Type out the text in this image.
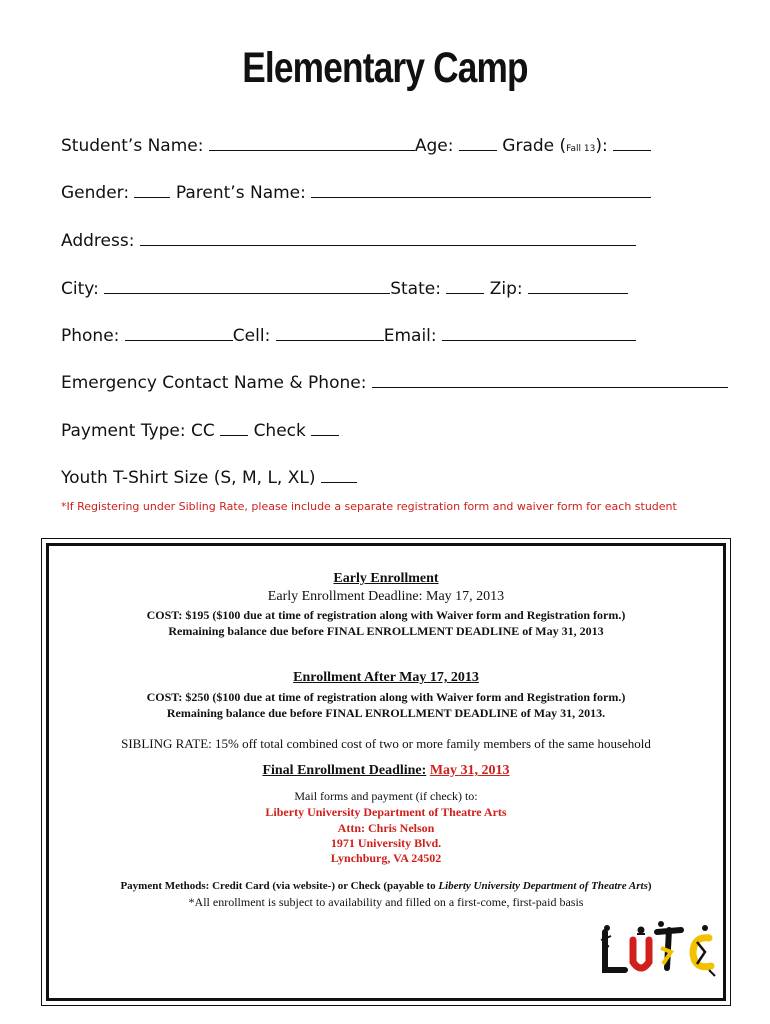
Elementary Camp
Student’s Name:	Age:	Grade (Fall 13):
Gender:	Parent’s Name:
Address:
City:	State:	Zip:
Phone:	Cell:	Email:
Emergency Contact Name & Phone:
Payment Type: CC Check
Youth T-Shirt Size (S, M, L, XL)
*If Registering under Sibling Rate, please include a separate registration form and waiver form for each student
Early Enrollment
Early Enrollment Deadline: May 17, 2013
COST: $195 ($100 due at time of registration along with Waiver form and Registration form.)
Remaining balance due before FINAL ENROLLMENT DEADLINE of May 31, 2013
Enrollment After May 17, 2013
COST: $250 ($100 due at time of registration along with Waiver form and Registration form.)
Remaining balance due before FINAL ENROLLMENT DEADLINE of May 31, 2013.
SIBLING RATE: 15% off total combined cost of two or more family members of the same household
Final Enrollment Deadline: May 31, 2013
Mail forms and payment (if check) to:
Liberty University Department of Theatre Arts
Attn: Chris Nelson
1971 University Blvd.
Lynchburg, VA 24502
Payment Methods: Credit Card (via website-) or Check (payable to Liberty University Department of Theatre Arts)
*All enrollment is subject to availability and filled on a first-come, first-paid basis
